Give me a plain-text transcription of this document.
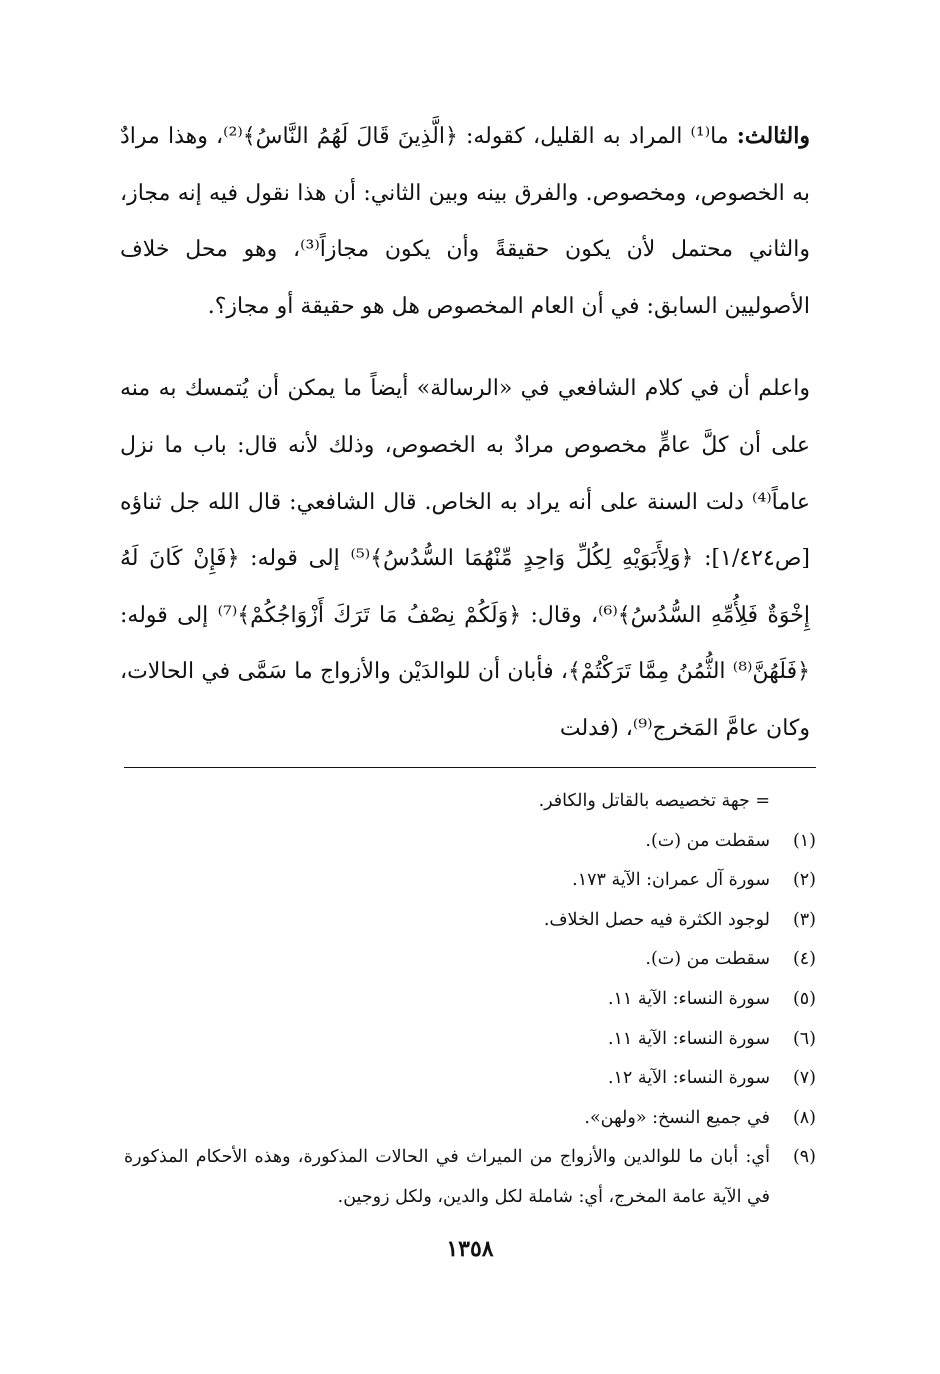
والثالث: ما⁽¹⁾ المراد به القليل، كقوله: ﴿الَّذِينَ قَالَ لَهُمُ النَّاسُ﴾⁽²⁾، وهذا مرادٌ به الخصوص، ومخصوص. والفرق بينه وبين الثاني: أن هذا نقول فيه إنه مجاز، والثاني محتمل لأن يكون حقيقةً وأن يكون مجازاً⁽³⁾، وهو محل خلاف الأصوليين السابق: في أن العام المخصوص هل هو حقيقة أو مجاز؟.

واعلم أن في كلام الشافعي في «الرسالة» أيضاً ما يمكن أن يُتمسك به منه على أن كلَّ عامٍّ مخصوص مرادٌ به الخصوص، وذلك لأنه قال: باب ما نزل عاماً⁽⁴⁾ دلت السنة على أنه يراد به الخاص. قال الشافعي: قال الله جل ثناؤه [ص١/٤٢٤]: ﴿وَلِأَبَوَيْهِ لِكُلِّ وَاحِدٍ مِّنْهُمَا السُّدُسُ﴾⁽⁵⁾ إلى قوله: ﴿فَإِنْ كَانَ لَهُ إِخْوَةٌ فَلِأُمِّهِ السُّدُسُ﴾⁽⁶⁾، وقال: ﴿وَلَكُمْ نِصْفُ مَا تَرَكَ أَزْوَاجُكُمْ﴾⁽⁷⁾ إلى قوله: ﴿فَلَهُنَّ⁽⁸⁾ الثُّمُنُ مِمَّا تَرَكْتُمْ﴾، فأبان أن للوالدَيْن والأزواج ما سَمَّى في الحالات، وكان عامَّ المَخرج⁽⁹⁾، (فدلت

= جهة تخصيصه بالقاتل والكافر.
(١)
سقطت من (ت).
(٢)
سورة آل عمران: الآية ١٧٣.
(٣)
لوجود الكثرة فيه حصل الخلاف.
(٤)
سقطت من (ت).
(٥)
سورة النساء: الآية ١١.
(٦)
سورة النساء: الآية ١١.
(٧)
سورة النساء: الآية ١٢.
(٨)
في جميع النسخ: «ولهن».
(٩)
أي: أبان ما للوالدين والأزواج من الميراث في الحالات المذكورة، وهذه الأحكام المذكورة في الآية عامة المخرج، أي: شاملة لكل والدين، ولكل زوجين.
١٣٥٨
